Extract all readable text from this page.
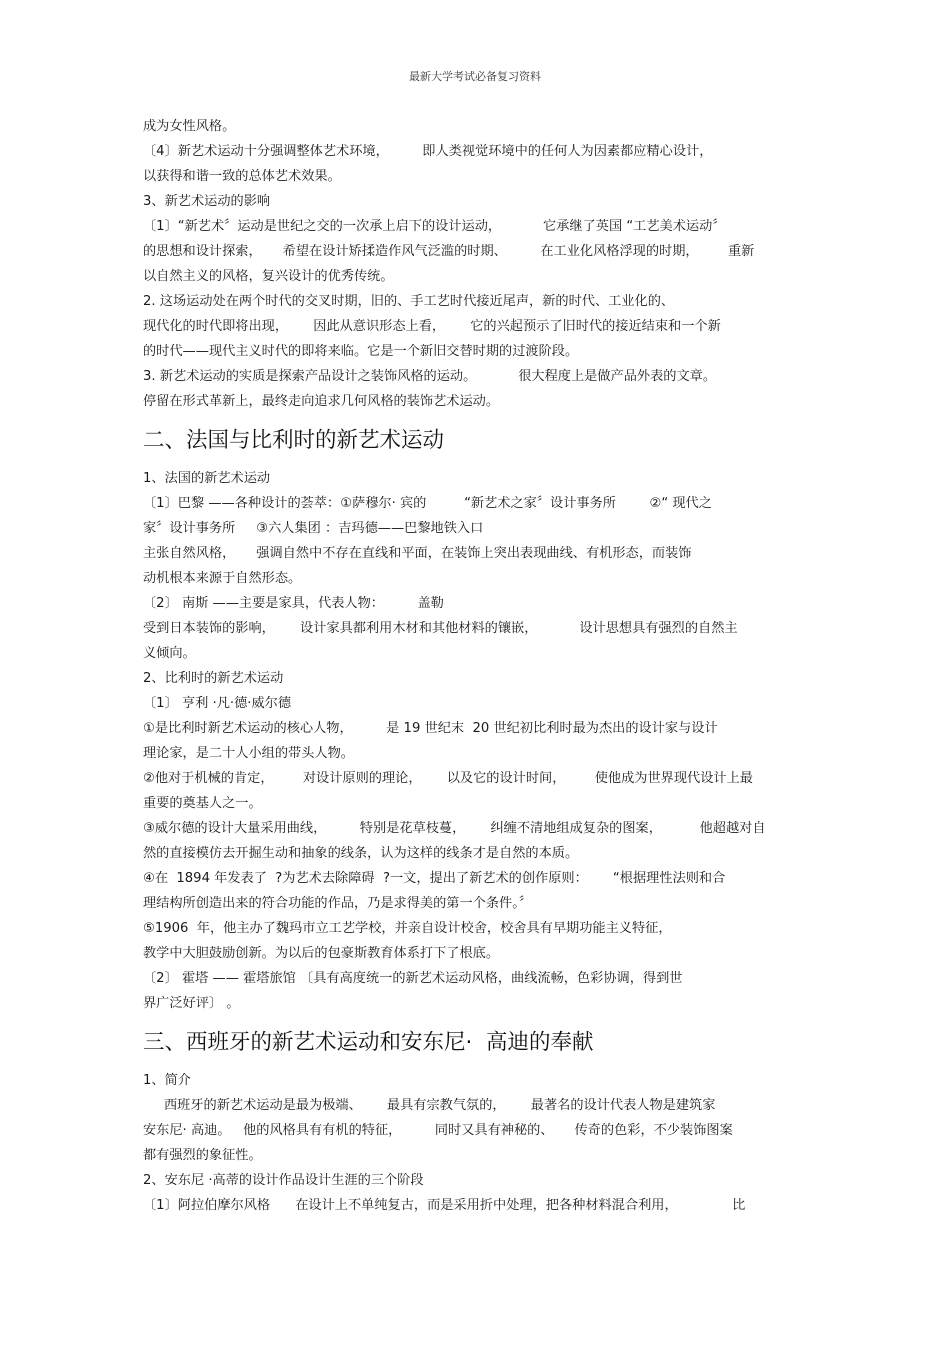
最新大学考试必备复习资料
成为女性风格。
〔4〕新艺术运动十分强调整体艺术环境，        即人类视觉环境中的任何人为因素都应精心设计，
以获得和谐一致的总体艺术效果。
3、新艺术运动的影响
〔1〕“新艺术〞运动是世纪之交的一次承上启下的设计运动，          它承继了英国 “工艺美术运动〞
的思想和设计探索，     希望在设计矫揉造作风气泛滥的时期、        在工业化风格浮现的时期，       重新
以自然主义的风格，复兴设计的优秀传统。
2. 这场运动处在两个时代的交叉时期，旧的、手工艺时代接近尾声，新的时代、工业化的、
现代化的时代即将出现，      因此从意识形态上看，      它的兴起预示了旧时代的接近结束和一个新
的时代——现代主义时代的即将来临。它是一个新旧交替时期的过渡阶段。
3. 新艺术运动的实质是探索产品设计之装饰风格的运动。          很大程度上是做产品外表的文章。
停留在形式革新上，最终走向追求几何风格的装饰艺术运动。
二、法国与比利时的新艺术运动
1、法国的新艺术运动
〔1〕巴黎 ——各种设计的荟萃：①萨穆尔· 宾的         “新艺术之家〞设计事务所        ②“ 现代之
家〞设计事务所     ③六人集团 ：吉玛德——巴黎地铁入口
主张自然风格，     强调自然中不存在直线和平面，在装饰上突出表现曲线、有机形态，而装饰
动机根本来源于自然形态。
〔2〕 南斯 ——主要是家具，代表人物：        盖勒
受到日本装饰的影响，      设计家具都利用木材和其他材料的镶嵌，          设计思想具有强烈的自然主
义倾向。
2、比利时的新艺术运动
〔1〕 亨利 ·凡·德·威尔德
①是比利时新艺术运动的核心人物，        是 19 世纪末  20 世纪初比利时最为杰出的设计家与设计
理论家，是二十人小组的带头人物。
②他对于机械的肯定，       对设计原则的理论，      以及它的设计时间，       使他成为世界现代设计上最
重要的奠基人之一。
③威尔德的设计大量采用曲线，        特别是花草枝蔓，      纠缠不清地组成复杂的图案，         他超越对自
然的直接模仿去开掘生动和抽象的线条，认为这样的线条才是自然的本质。
④在  1894 年发表了  ?为艺术去除障碍  ?一文，提出了新艺术的创作原则：      “根据理性法则和合
理结构所创造出来的符合功能的作品，乃是求得美的第一个条件。〞
⑤1906  年，他主办了魏玛市立工艺学校，并亲自设计校舍，校舍具有早期功能主义特征，
教学中大胆鼓励创新。为以后的包豪斯教育体系打下了根底。
〔2〕 霍塔 —— 霍塔旅馆 〔具有高度统一的新艺术运动风格，曲线流畅，色彩协调，得到世
界广泛好评〕 。
三、西班牙的新艺术运动和安东尼·  高迪的奉献
1、简介
西班牙的新艺术运动是最为极端、      最具有宗教气氛的，      最著名的设计代表人物是建筑家
安东尼· 高迪。   他的风格具有有机的特征，        同时又具有神秘的、     传奇的色彩，不少装饰图案
都有强烈的象征性。
2、安东尼 ·高蒂的设计作品设计生涯的三个阶段
〔1〕阿拉伯摩尔风格      在设计上不单纯复古，而是采用折中处理，把各种材料混合利用，             比
